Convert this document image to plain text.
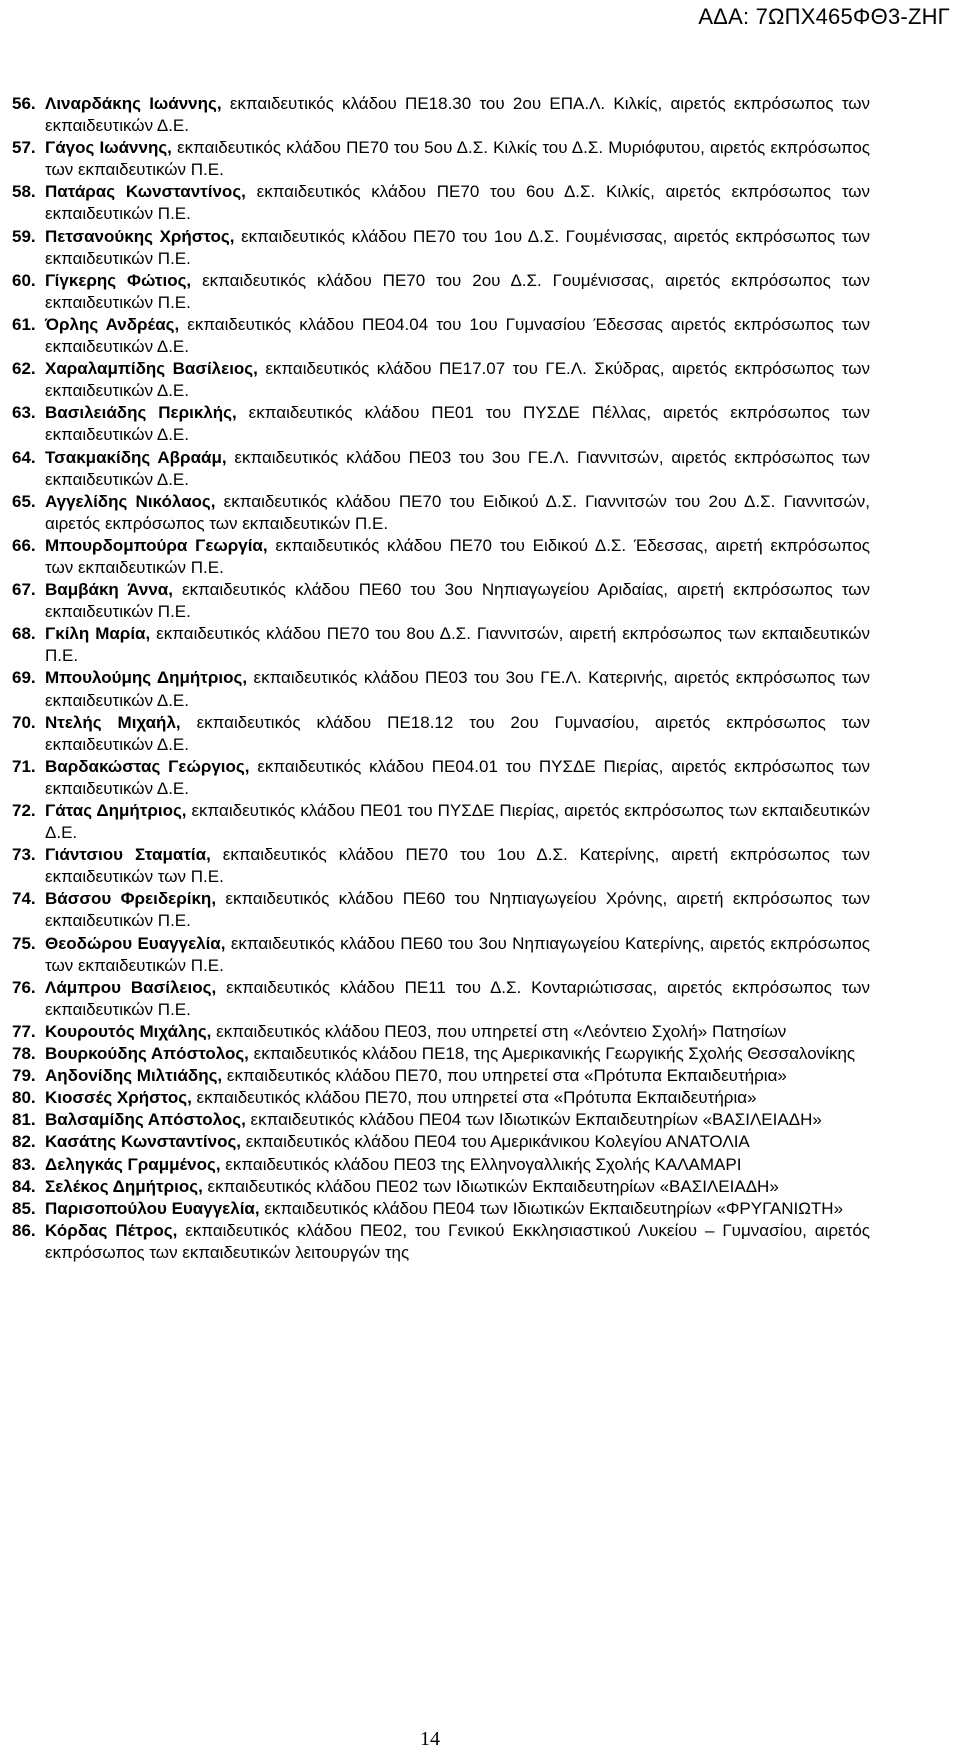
ΑΔΑ: 7ΩΠΧ465ΦΘ3-ΖΗΓ
56. Λιναρδάκης Ιωάννης, εκπαιδευτικός κλάδου ΠΕ18.30 του 2ου ΕΠΑ.Λ. Κιλκίς, αιρετός εκπρόσωπος των εκπαιδευτικών Δ.Ε.
57. Γάγος Ιωάννης, εκπαιδευτικός κλάδου ΠΕ70 του 5ου Δ.Σ. Κιλκίς του Δ.Σ. Μυριόφυτου, αιρετός εκπρόσωπος των εκπαιδευτικών Π.Ε.
58. Πατάρας Κωνσταντίνος, εκπαιδευτικός κλάδου ΠΕ70 του 6ου Δ.Σ. Κιλκίς, αιρετός εκπρόσωπος των εκπαιδευτικών Π.Ε.
59. Πετσανούκης Χρήστος, εκπαιδευτικός κλάδου ΠΕ70 του 1ου Δ.Σ. Γουμένισσας, αιρετός εκπρόσωπος των εκπαιδευτικών Π.Ε.
60. Γίγκερης Φώτιος, εκπαιδευτικός κλάδου ΠΕ70 του 2ου Δ.Σ. Γουμένισσας, αιρετός εκπρόσωπος των εκπαιδευτικών Π.Ε.
61. Όρλης Ανδρέας, εκπαιδευτικός κλάδου ΠΕ04.04 του 1ου Γυμνασίου Έδεσσας αιρετός εκπρόσωπος των εκπαιδευτικών Δ.Ε.
62. Χαραλαμπίδης Βασίλειος, εκπαιδευτικός κλάδου ΠΕ17.07 του ΓΕ.Λ. Σκύδρας, αιρετός εκπρόσωπος των εκπαιδευτικών Δ.Ε.
63. Βασιλειάδης Περικλής, εκπαιδευτικός κλάδου ΠΕ01 του ΠΥΣΔΕ Πέλλας, αιρετός εκπρόσωπος των εκπαιδευτικών Δ.Ε.
64. Τσακμακίδης Αβραάμ, εκπαιδευτικός κλάδου ΠΕ03 του 3ου ΓΕ.Λ. Γιαννιτσών, αιρετός εκπρόσωπος των εκπαιδευτικών Δ.Ε.
65. Αγγελίδης Νικόλαος, εκπαιδευτικός κλάδου ΠΕ70 του Ειδικού Δ.Σ. Γιαννιτσών του 2ου Δ.Σ. Γιαννιτσών, αιρετός εκπρόσωπος των εκπαιδευτικών Π.Ε.
66. Μπουρδομπούρα Γεωργία, εκπαιδευτικός κλάδου ΠΕ70 του Ειδικού Δ.Σ. Έδεσσας, αιρετή εκπρόσωπος των εκπαιδευτικών Π.Ε.
67. Βαμβάκη Άννα, εκπαιδευτικός κλάδου ΠΕ60 του 3ου Νηπιαγωγείου Αριδαίας, αιρετή εκπρόσωπος των εκπαιδευτικών Π.Ε.
68. Γκίλη Μαρία, εκπαιδευτικός κλάδου ΠΕ70 του 8ου Δ.Σ. Γιαννιτσών, αιρετή εκπρόσωπος των εκπαιδευτικών Π.Ε.
69. Μπουλούμης Δημήτριος, εκπαιδευτικός κλάδου ΠΕ03 του 3ου ΓΕ.Λ. Κατερινής, αιρετός εκπρόσωπος των εκπαιδευτικών Δ.Ε.
70. Ντελής Μιχαήλ, εκπαιδευτικός κλάδου ΠΕ18.12 του 2ου Γυμνασίου, αιρετός εκπρόσωπος των εκπαιδευτικών Δ.Ε.
71. Βαρδακώστας Γεώργιος, εκπαιδευτικός κλάδου ΠΕ04.01 του ΠΥΣΔΕ Πιερίας, αιρετός εκπρόσωπος των εκπαιδευτικών Δ.Ε.
72. Γάτας Δημήτριος, εκπαιδευτικός κλάδου ΠΕ01 του ΠΥΣΔΕ Πιερίας, αιρετός εκπρόσωπος των εκπαιδευτικών Δ.Ε.
73. Γιάντσιου Σταματία, εκπαιδευτικός κλάδου ΠΕ70 του 1ου Δ.Σ. Κατερίνης, αιρετή εκπρόσωπος των εκπαιδευτικών των Π.Ε.
74. Βάσσου Φρειδερίκη, εκπαιδευτικός κλάδου ΠΕ60 του Νηπιαγωγείου Χρόνης, αιρετή εκπρόσωπος των εκπαιδευτικών Π.Ε.
75. Θεοδώρου Ευαγγελία, εκπαιδευτικός κλάδου ΠΕ60 του 3ου Νηπιαγωγείου Κατερίνης, αιρετός εκπρόσωπος των εκπαιδευτικών Π.Ε.
76. Λάμπρου Βασίλειος, εκπαιδευτικός κλάδου ΠΕ11 του Δ.Σ. Κονταριώτισσας, αιρετός εκπρόσωπος των εκπαιδευτικών Π.Ε.
77. Κουρουτός Μιχάλης, εκπαιδευτικός κλάδου ΠΕ03, που υπηρετεί στη «Λεόντειο Σχολή» Πατησίων
78. Βουρκούδης Απόστολος, εκπαιδευτικός κλάδου ΠΕ18, της Αμερικανικής Γεωργικής Σχολής Θεσσαλονίκης
79. Αηδονίδης Μιλτιάδης, εκπαιδευτικός κλάδου ΠΕ70, που υπηρετεί στα «Πρότυπα Εκπαιδευτήρια»
80. Κιοσσές Χρήστος, εκπαιδευτικός κλάδου ΠΕ70, που υπηρετεί στα «Πρότυπα Εκπαιδευτήρια»
81. Βαλσαμίδης Απόστολος, εκπαιδευτικός κλάδου ΠΕ04 των Ιδιωτικών Εκπαιδευτηρίων «ΒΑΣΙΛΕΙΑΔΗ»
82. Κασάτης Κωνσταντίνος, εκπαιδευτικός κλάδου ΠΕ04 του Αμερικάνικου Κολεγίου ΑΝΑΤΟΛΙΑ
83. Δεληγκάς Γραμμένος, εκπαιδευτικός κλάδου ΠΕ03 της Ελληνογαλλικής Σχολής ΚΑΛΑΜΑΡΙ
84. Σελέκος Δημήτριος, εκπαιδευτικός κλάδου ΠΕ02 των Ιδιωτικών Εκπαιδευτηρίων «ΒΑΣΙΛΕΙΑΔΗ»
85. Παρισοπούλου Ευαγγελία, εκπαιδευτικός κλάδου ΠΕ04 των Ιδιωτικών Εκπαιδευτηρίων «ΦΡΥΓΑΝΙΩΤΗ»
86. Κόρδας Πέτρος, εκπαιδευτικός κλάδου ΠΕ02, του Γενικού Εκκλησιαστικού Λυκείου – Γυμνασίου, αιρετός εκπρόσωπος των εκπαιδευτικών λειτουργών της
14
